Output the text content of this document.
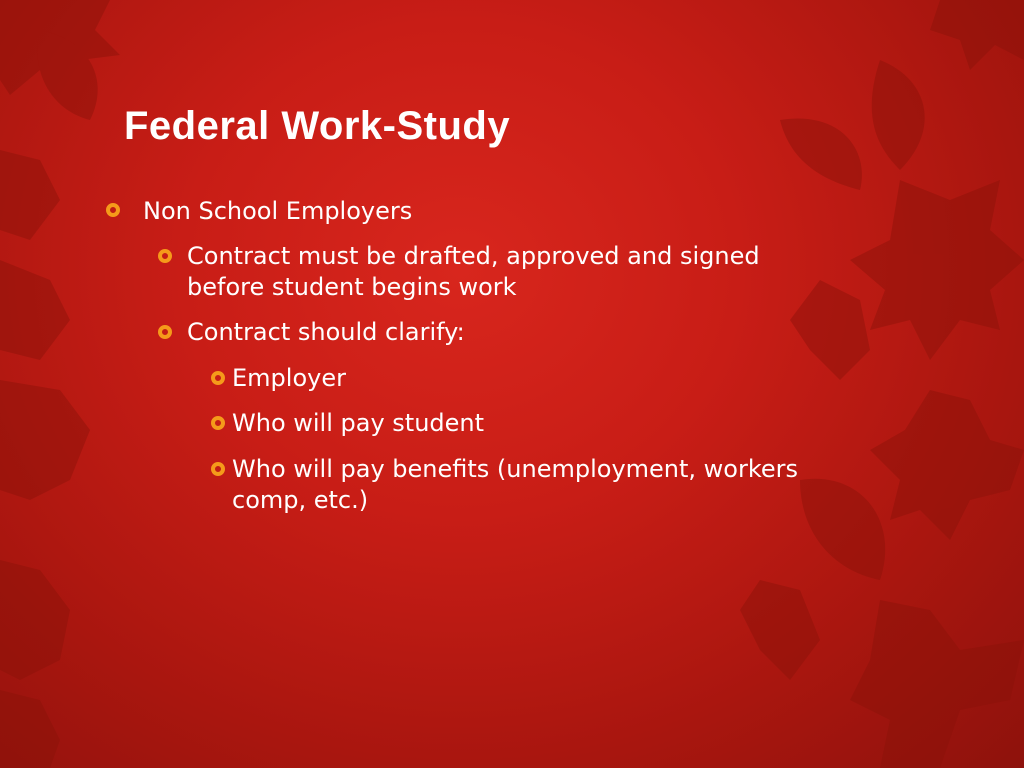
Federal Work-Study
Non School Employers
Contract must be drafted, approved and signed before student begins work
Contract should clarify:
Employer
Who will pay student
Who will pay benefits (unemployment, workers comp, etc.)
